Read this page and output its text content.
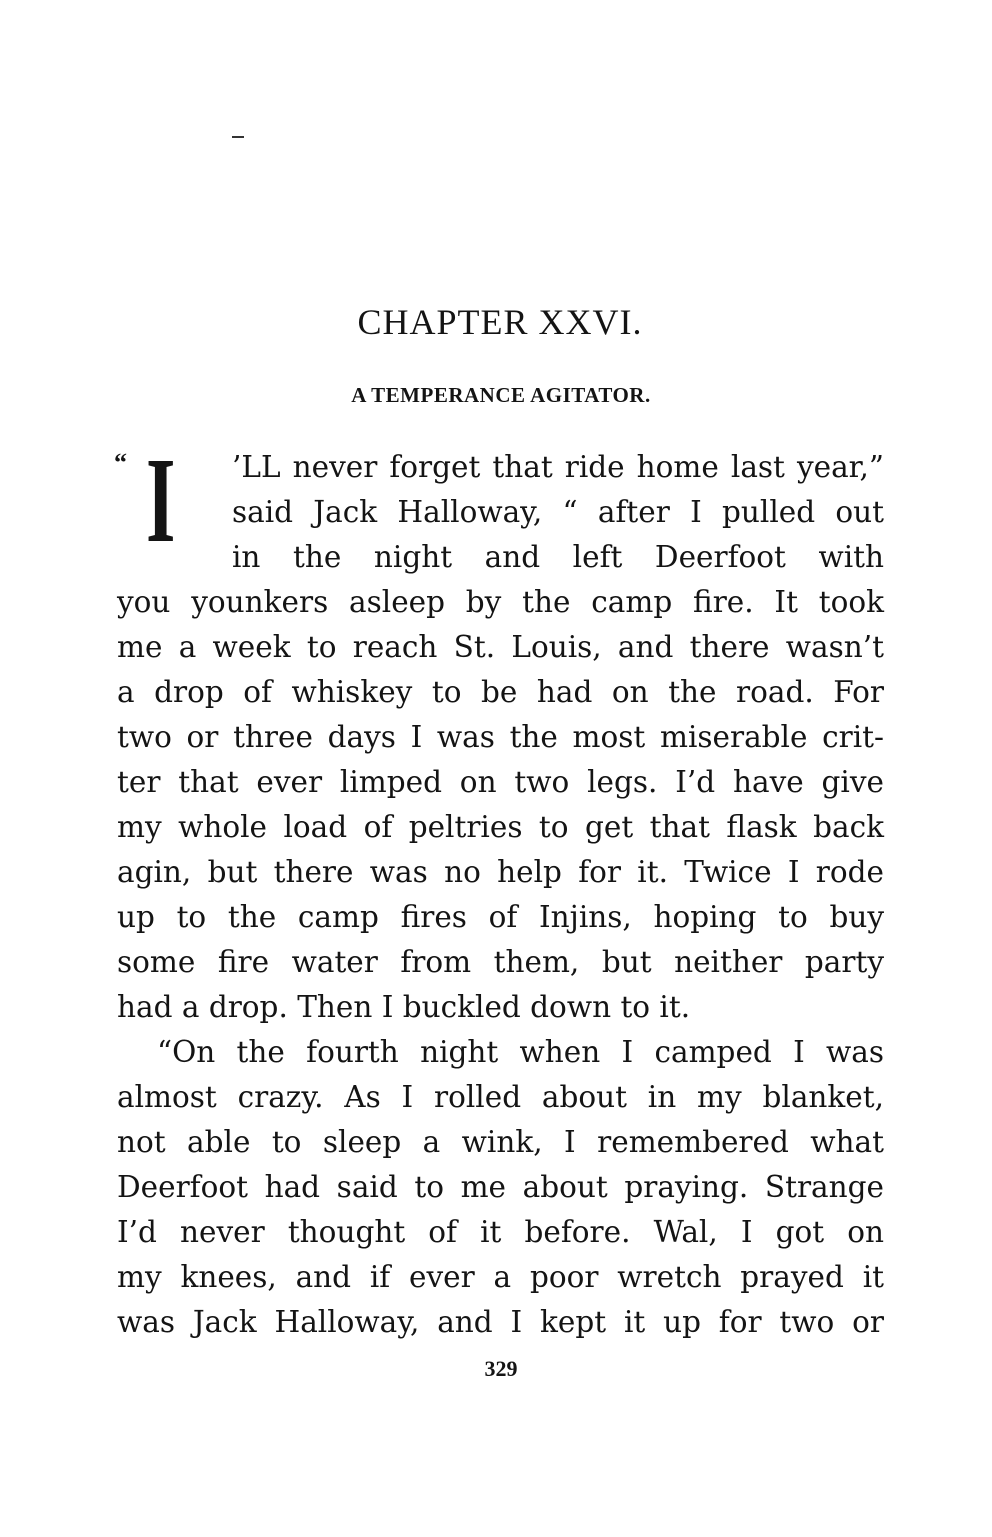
CHAPTER XXVI.
A TEMPERANCE AGITATOR.
“ I ’LL never forget that ride home last year,”
said Jack Halloway, “ after I pulled out
in the night and left Deerfoot with
you younkers asleep by the camp fire. It took
me a week to reach St. Louis, and there wasn’t
a drop of whiskey to be had on the road. For
two or three days I was the most miserable crit-
ter that ever limped on two legs. I’d have give
my whole load of peltries to get that flask back
agin, but there was no help for it. Twice I rode
up to the camp fires of Injins, hoping to buy
some fire water from them, but neither party
had a drop. Then I buckled down to it.
“On the fourth night when I camped I was
almost crazy. As I rolled about in my blanket,
not able to sleep a wink, I remembered what
Deerfoot had said to me about praying. Strange
I’d never thought of it before. Wal, I got on
my knees, and if ever a poor wretch prayed it
was Jack Halloway, and I kept it up for two or
329
